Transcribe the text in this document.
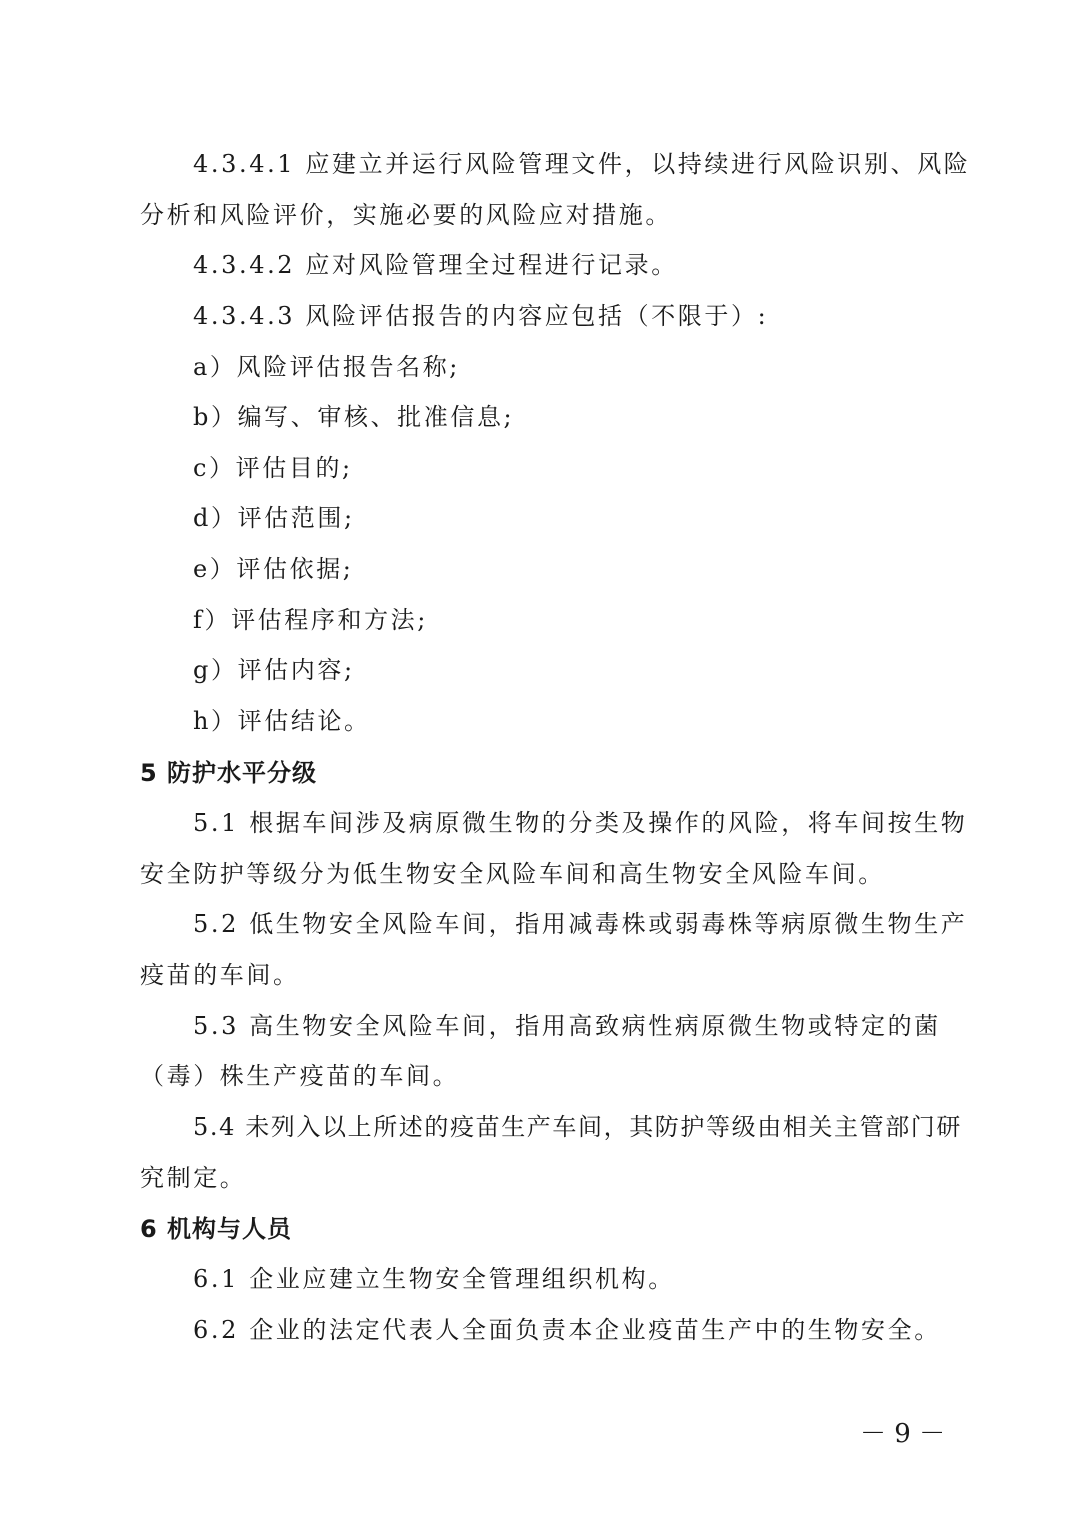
4.3.4.1 应建立并运行风险管理文件，以持续进行风险识别、风险
分析和风险评价，实施必要的风险应对措施。
4.3.4.2 应对风险管理全过程进行记录。
4.3.4.3 风险评估报告的内容应包括（不限于）:
a）风险评估报告名称;
b）编写、审核、批准信息;
c）评估目的;
d）评估范围;
e）评估依据;
f）评估程序和方法;
g）评估内容;
h）评估结论。
5 防护水平分级
5.1 根据车间涉及病原微生物的分类及操作的风险，将车间按生物
安全防护等级分为低生物安全风险车间和高生物安全风险车间。
5.2 低生物安全风险车间，指用减毒株或弱毒株等病原微生物生产
疫苗的车间。
5.3 高生物安全风险车间，指用高致病性病原微生物或特定的菌
（毒）株生产疫苗的车间。
5.4 未列入以上所述的疫苗生产车间，其防护等级由相关主管部门研
究制定。
6 机构与人员
6.1 企业应建立生物安全管理组织机构。
6.2 企业的法定代表人全面负责本企业疫苗生产中的生物安全。
－ 9 －
